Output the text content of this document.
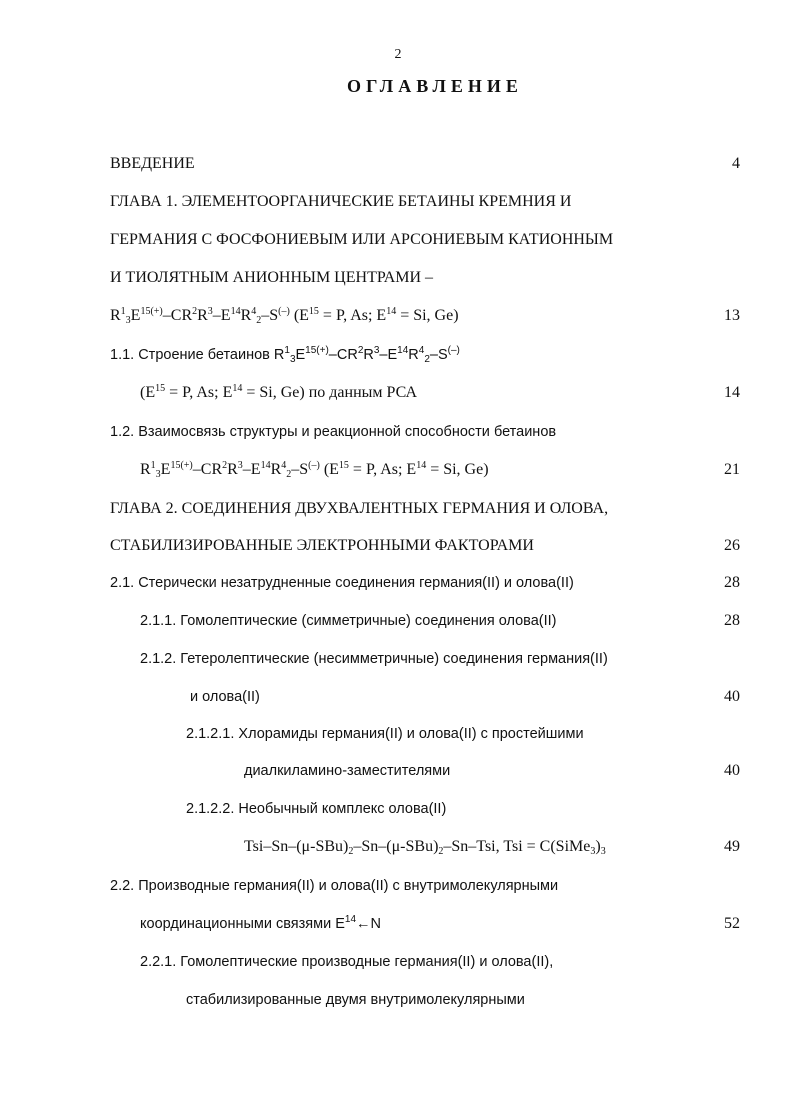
2
ОГЛАВЛЕНИЕ
ВВЕДЕНИЕ	4
ГЛАВА 1. ЭЛЕМЕНТООРГАНИЧЕСКИЕ БЕТАИНЫ КРЕМНИЯ И
ГЕРМАНИЯ С ФОСФОНИЕВЫМ ИЛИ АРСОНИЕВЫМ КАТИОННЫМ
И ТИОЛЯТНЫМ АНИОННЫМ ЦЕНТРАМИ –
$R^1_3E^{15(+)}-CR^2R^3-E^{14}R^4_2-S^{(-)}$ ($E^{15} = P$, As; $E^{14} = Si$, Ge)	13
1.1. Строение бетаинов $R^1_3E^{15(+)}-CR^2R^3-E^{14}R^4_2-S^{(-)}$
($E^{15} = P$, As; $E^{14} = Si$, Ge) по данным РСА	14
1.2. Взаимосвязь структуры и реакционной способности бетаинов
$R^1_3E^{15(+)}-CR^2R^3-E^{14}R^4_2-S^{(-)}$ ($E^{15} = P$, As; $E^{14} = Si$, Ge)	21
ГЛАВА 2. СОЕДИНЕНИЯ ДВУХВАЛЕНТНЫХ ГЕРМАНИЯ И ОЛОВА,
СТАБИЛИЗИРОВАННЫЕ ЭЛЕКТРОННЫМИ ФАКТОРАМИ	26
2.1. Стерически незатрудненные соединения германия(II) и олова(II)	28
2.1.1. Гомолептические (симметричные) соединения олова(II)	28
2.1.2. Гетеролептические (несимметричные) соединения германия(II)
и олова(II)	40
2.1.2.1. Хлорамиды германия(II) и олова(II) с простейшими
диалкиламино-заместителями	40
2.1.2.2. Необычный комплекс олова(II)
Tsi–$Sn-(\mu-SBu)_2-Sn-(\mu-SBu)_2-Sn$–Tsi, Tsi = $C(SiMe_3)_3$	49
2.2. Производные германия(II) и олова(II) с внутримолекулярными
координационными связями $E^{14}\leftarrow N$	52
2.2.1. Гомолептические производные германия(II) и олова(II),
стабилизированные двумя внутримолекулярными
